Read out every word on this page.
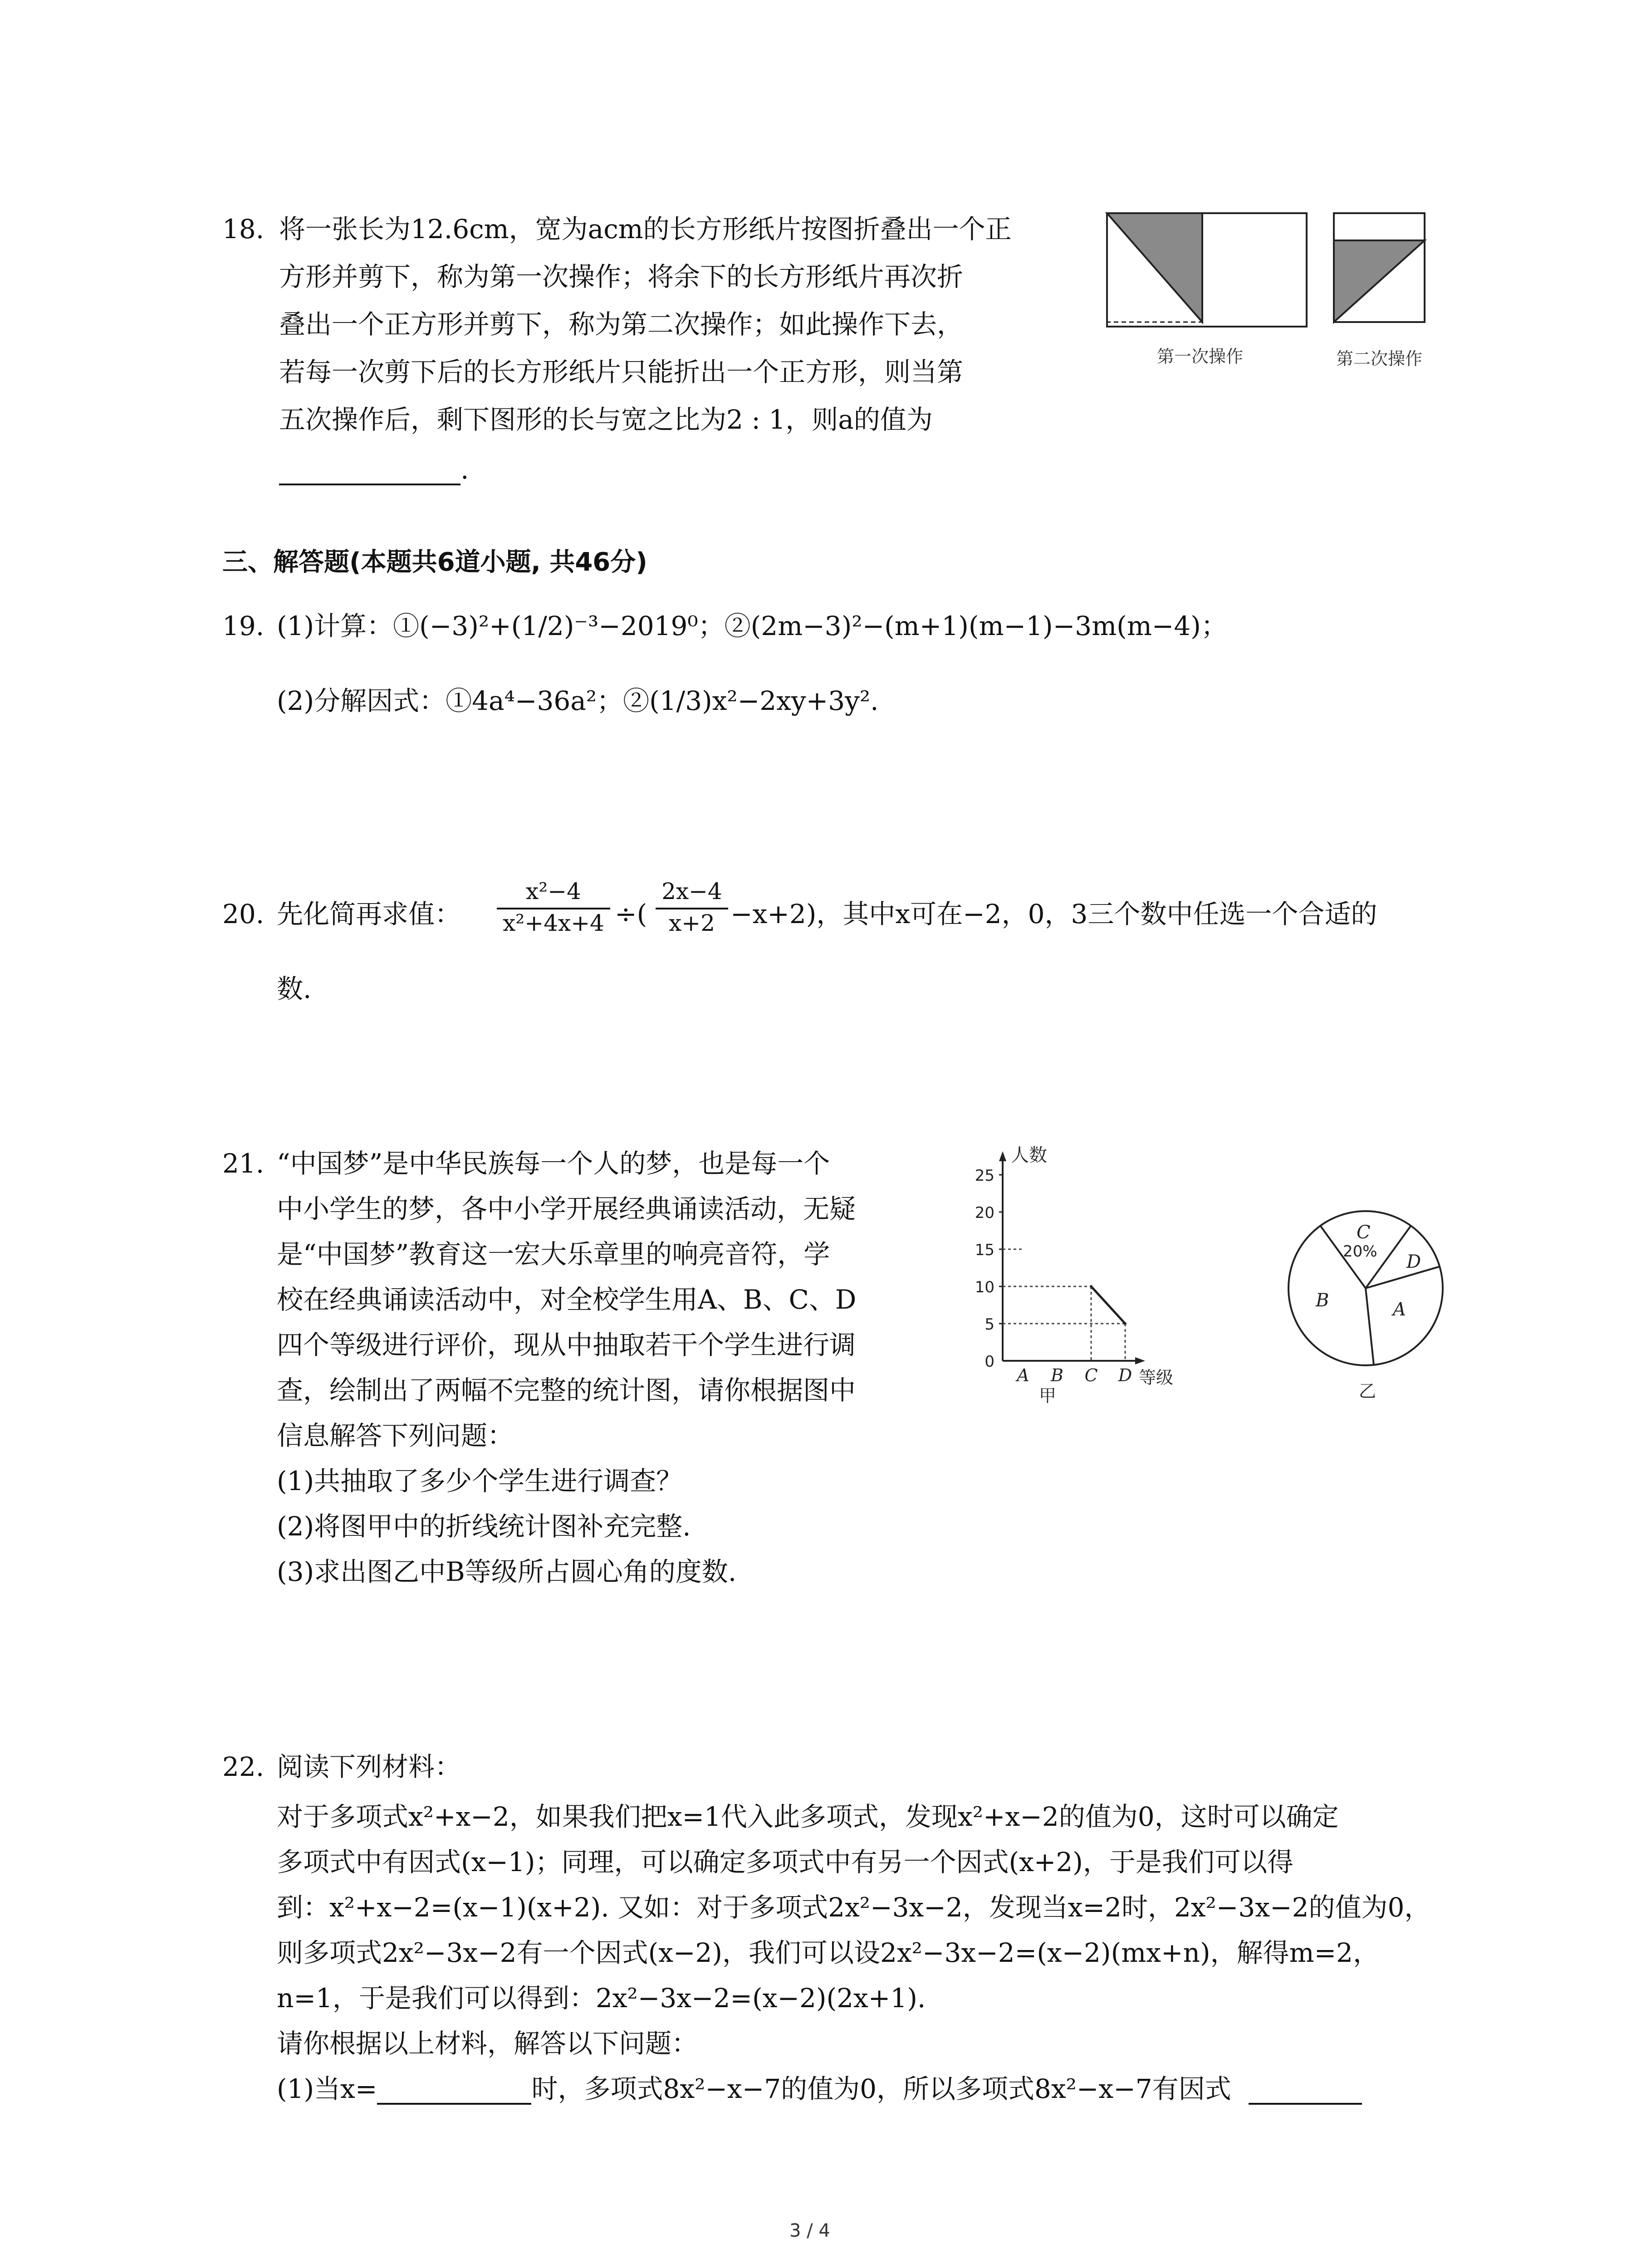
18. 将一张长为12.6cm，宽为acm的长方形纸片按图折叠出一个正
方形并剪下，称为第一次操作；将余下的长方形纸片再次折
叠出一个正方形并剪下，称为第二次操作；如此操作下去，
若每一次剪下后的长方形纸片只能折出一个正方形，则当第
五次操作后，剩下图形的长与宽之比为2 : 1，则a的值为
.
第一次操作	第二次操作
三、解答题(本题共6道小题, 共46分)
19. (1)计算：①(−3)²+(1/2)⁻³−2019⁰；②(2m−3)²−(m+1)(m−1)−3m(m−4)；
(2)分解因式：①4a⁴−36a²；②(1/3)x²−2xy+3y².
20. 先化简再求值： $\frac{\text{x²−4}}{\text{x²+4x+4}}$ ÷( $\frac{2x-4}{x+2} -x+2$)，其中x可在−2，0，3三个数中任选一个合适的
数.
21. “中国梦”是中华民族每一个人的梦，也是每一个
中小学生的梦，各中小学开展经典诵读活动，无疑
是“中国梦”教育这一宏大乐章里的响亮音符，学
校在经典诵读活动中，对全校学生用A、B、C、D
四个等级进行评价，现从中抽取若干个学生进行调
查，绘制出了两幅不完整的统计图，请你根据图中
信息解答下列问题：
(1)共抽取了多少个学生进行调查？
(2)将图甲中的折线统计图补充完整.
(3)求出图乙中B等级所占圆心角的度数.
人数
等级
0
5
10
15
20
25
A B C D
甲
C
20% D
A
B
乙
22. 阅读下列材料：
对于多项式x²+x−2，如果我们把x=1代入此多项式，发现x²+x−2的值为0，这时可以确定
多项式中有因式(x−1)；同理，可以确定多项式中有另一个因式(x+2)，于是我们可以得
到：x²+x−2=(x−1)(x+2). 又如：对于多项式2x²−3x−2，发现当x=2时，2x²−3x−2的值为0，
则多项式2x²−3x−2有一个因式(x−2)，我们可以设2x²−3x−2=(x−2)(mx+n)，解得m=2，
n=1，于是我们可以得到：2x²−3x−2=(x−2)(2x+1).
请你根据以上材料，解答以下问题：
(1)当x=	时，多项式8x²−x−7的值为0，所以多项式8x²−x−7有因式
3 / 4
